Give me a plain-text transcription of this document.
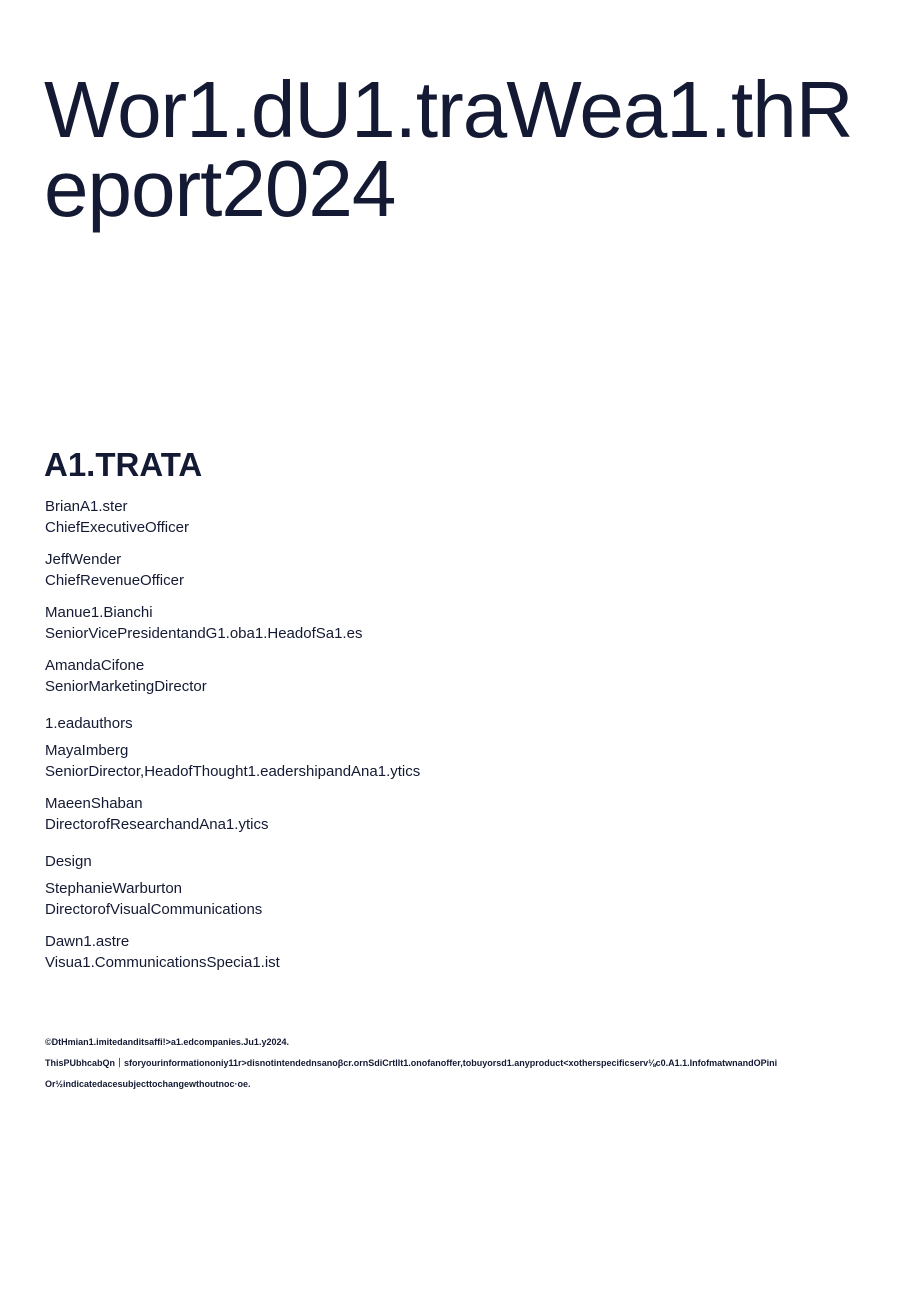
Wor1.dU1.traWea1.thReport2024
A1.TRATA
BrianA1.ster
ChiefExecutiveOfficer
JeffWender
ChiefRevenueOfficer
Manue1.Bianchi
SeniorVicePresidentandG1.oba1.HeadofSa1.es
AmandaCifone
SeniorMarketingDirector
1.eadauthors
MayaImberg
SeniorDirector,HeadofThought1.eadershipandAna1.ytics
MaeenShaban
DirectorofResearchandAna1.ytics
Design
StephanieWarburton
DirectorofVisualCommunications
Dawn1.astre
Visua1.CommunicationsSpecia1.ist
©DtHmian1.imitedanditsaffi!>a1.edcompanies.Ju1.y2024.
ThisPUbhcabQn｜sforyourinformationoniy11r>disnotintendednsanoβcr.ornSdiCrtllt1.onofanoffer,tobuyorsd1.anyproduct<xotherspecificserv⅛c0.A1.1.InfofmatwnandOPini
Or½indicatedacesubjecttochangewthoutnoc·oe.
